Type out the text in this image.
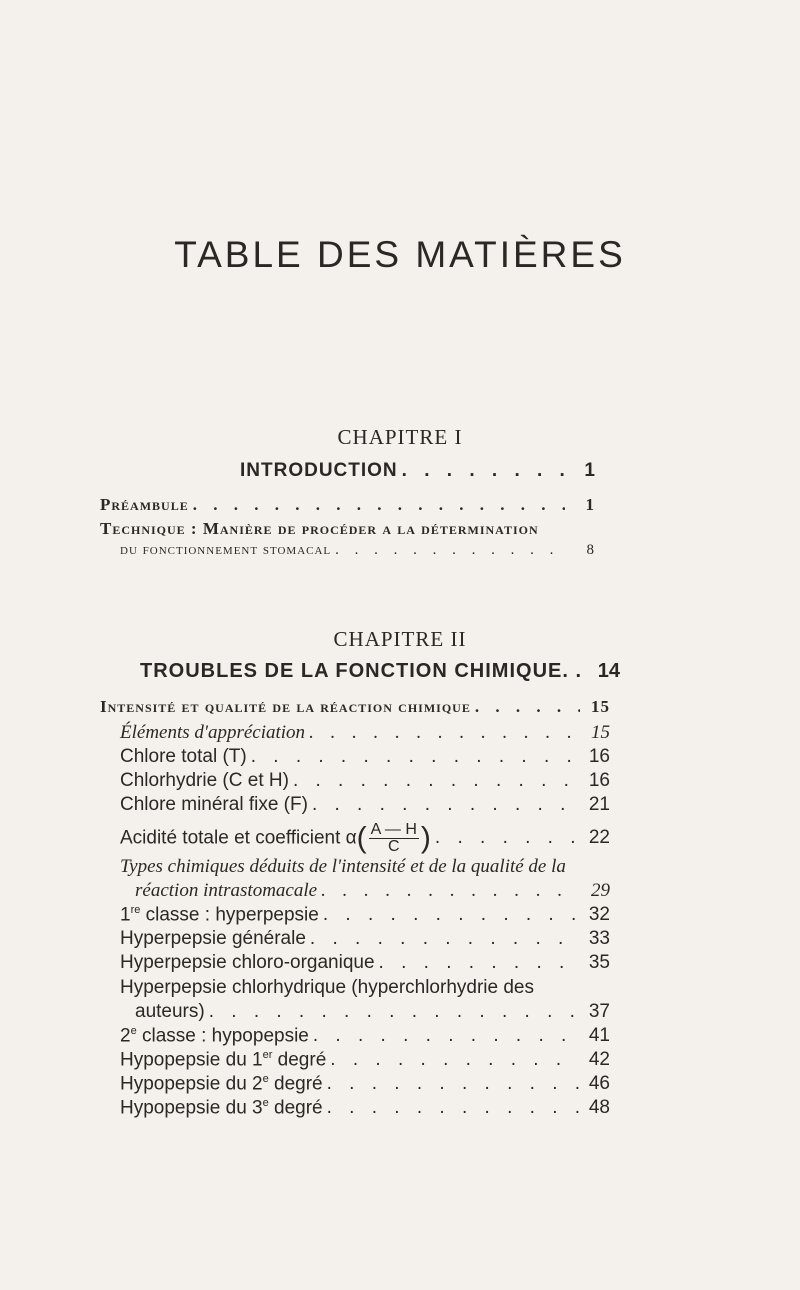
TABLE DES MATIÈRES
CHAPITRE I
INTRODUCTION . . .	1
Préambule . . .	1
Technique : Manière de procéder a la détermination
du fonctionnement stomacal . . .	8
CHAPITRE II
TROUBLES DE LA FONCTION CHIMIQUE. . 14
Intensité et qualité de la réaction chimique . . .	15
Éléments d'appréciation . . .	15
Chlore total (T) . . .	16
Chlorhydrie (C et H) . . .	16
Chlore minéral fixe (F) . . .	21
Acidité totale et coefficient $\alpha( \frac{A — H}{C}$ ) . . .	22
Types chimiques déduits de l'intensité et de la qualité de la
réaction intrastomacale . . .	29
1re classe : hyperpepsie . . .	32
Hyperpepsie générale . . .	33
Hyperpepsie chloro-organique . . .	35
Hyperpepsie chlorhydrique (hyperchlorhydrie des
auteurs) . . .	37
2e classe : hypopepsie . . .	41
Hypopepsie du 1er degré . . .	42
Hypopepsie du 2e degré . . .	46
Hypopepsie du 3e degré . . .	48
